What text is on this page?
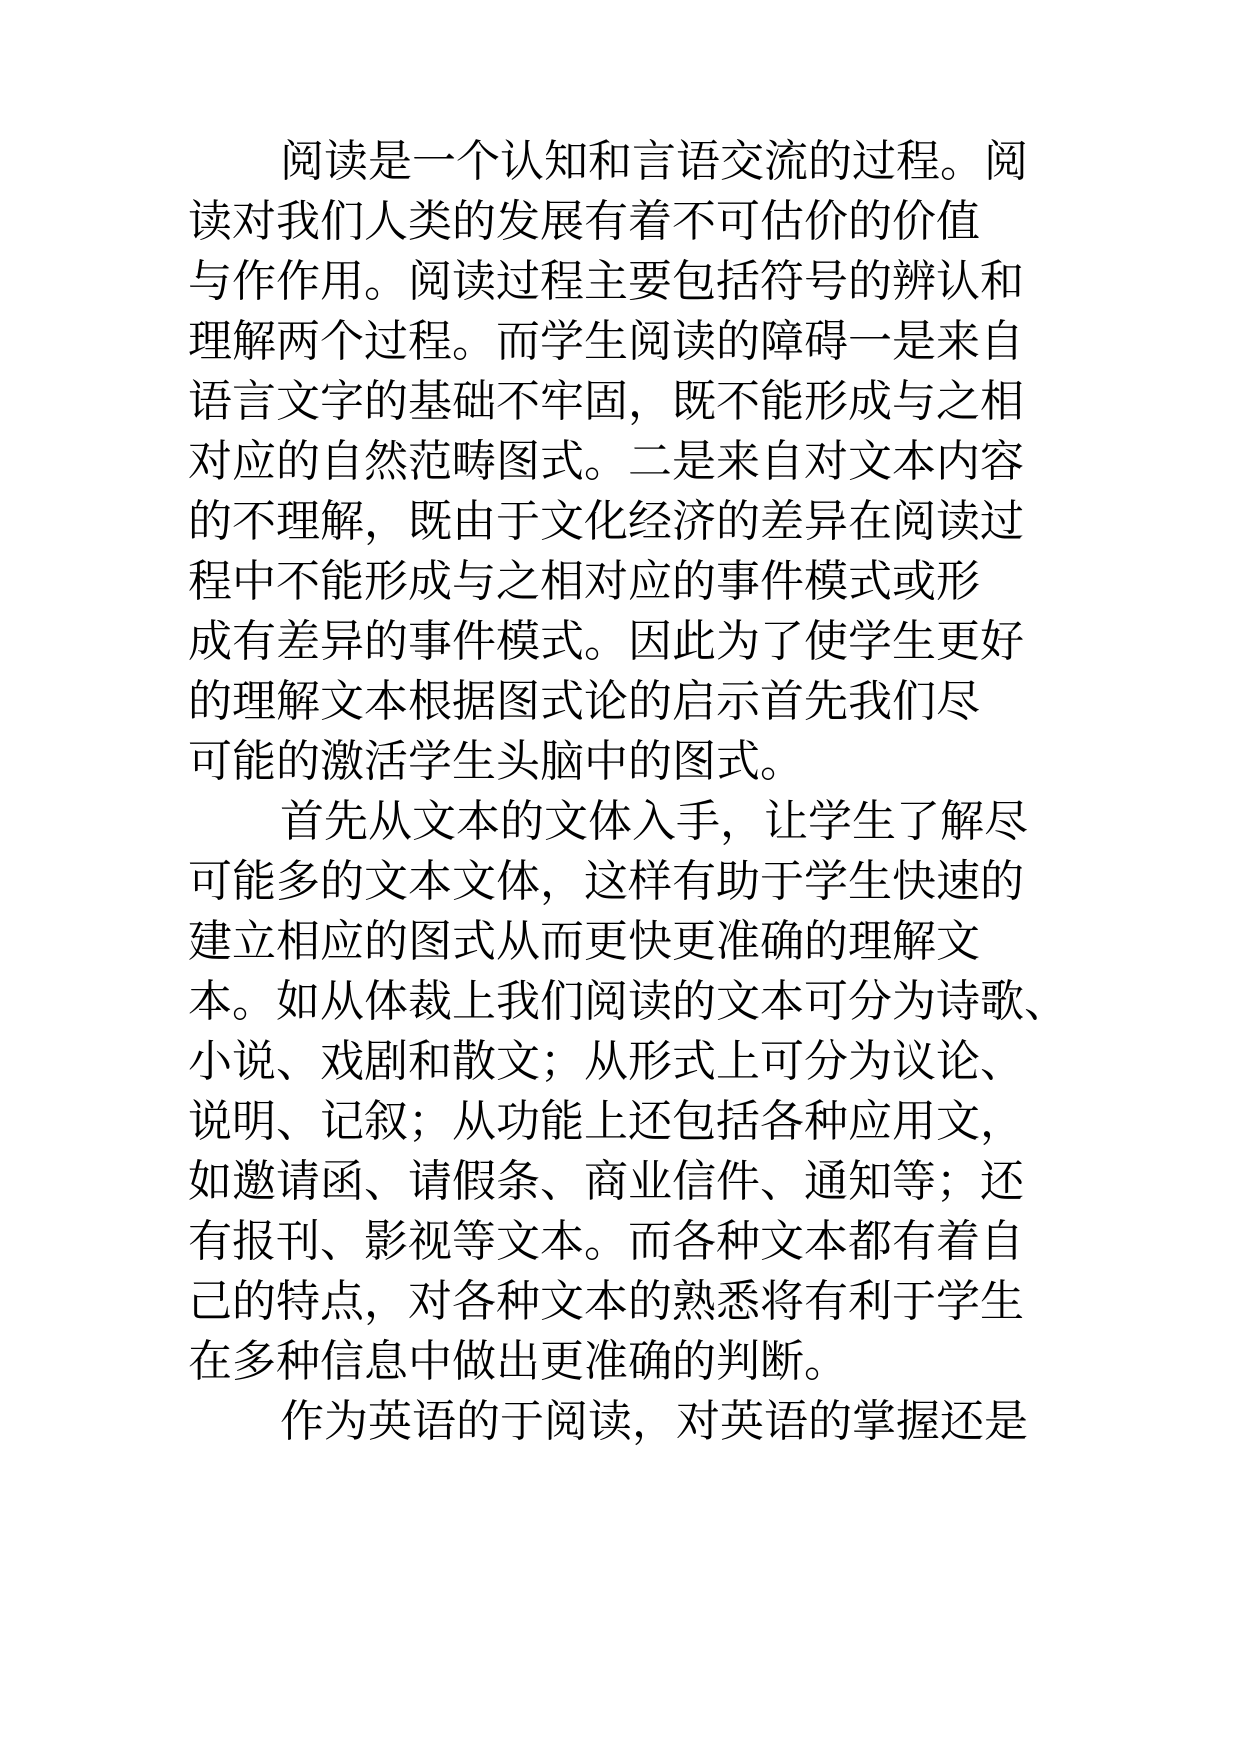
阅读是一个认知和言语交流的过程。阅
读对我们人类的发展有着不可估价的价值
与作作用。阅读过程主要包括符号的辨认和
理解两个过程。而学生阅读的障碍一是来自
语言文字的基础不牢固，既不能形成与之相
对应的自然范畴图式。二是来自对文本内容
的不理解，既由于文化经济的差异在阅读过
程中不能形成与之相对应的事件模式或形
成有差异的事件模式。因此为了使学生更好
的理解文本根据图式论的启示首先我们尽
可能的激活学生头脑中的图式。
首先从文本的文体入手，让学生了解尽
可能多的文本文体，这样有助于学生快速的
建立相应的图式从而更快更准确的理解文
本。如从体裁上我们阅读的文本可分为诗歌、
小说、戏剧和散文；从形式上可分为议论、
说明、记叙；从功能上还包括各种应用文，
如邀请函、请假条、商业信件、通知等；还
有报刊、影视等文本。而各种文本都有着自
己的特点，对各种文本的熟悉将有利于学生
在多种信息中做出更准确的判断。
作为英语的于阅读，对英语的掌握还是
